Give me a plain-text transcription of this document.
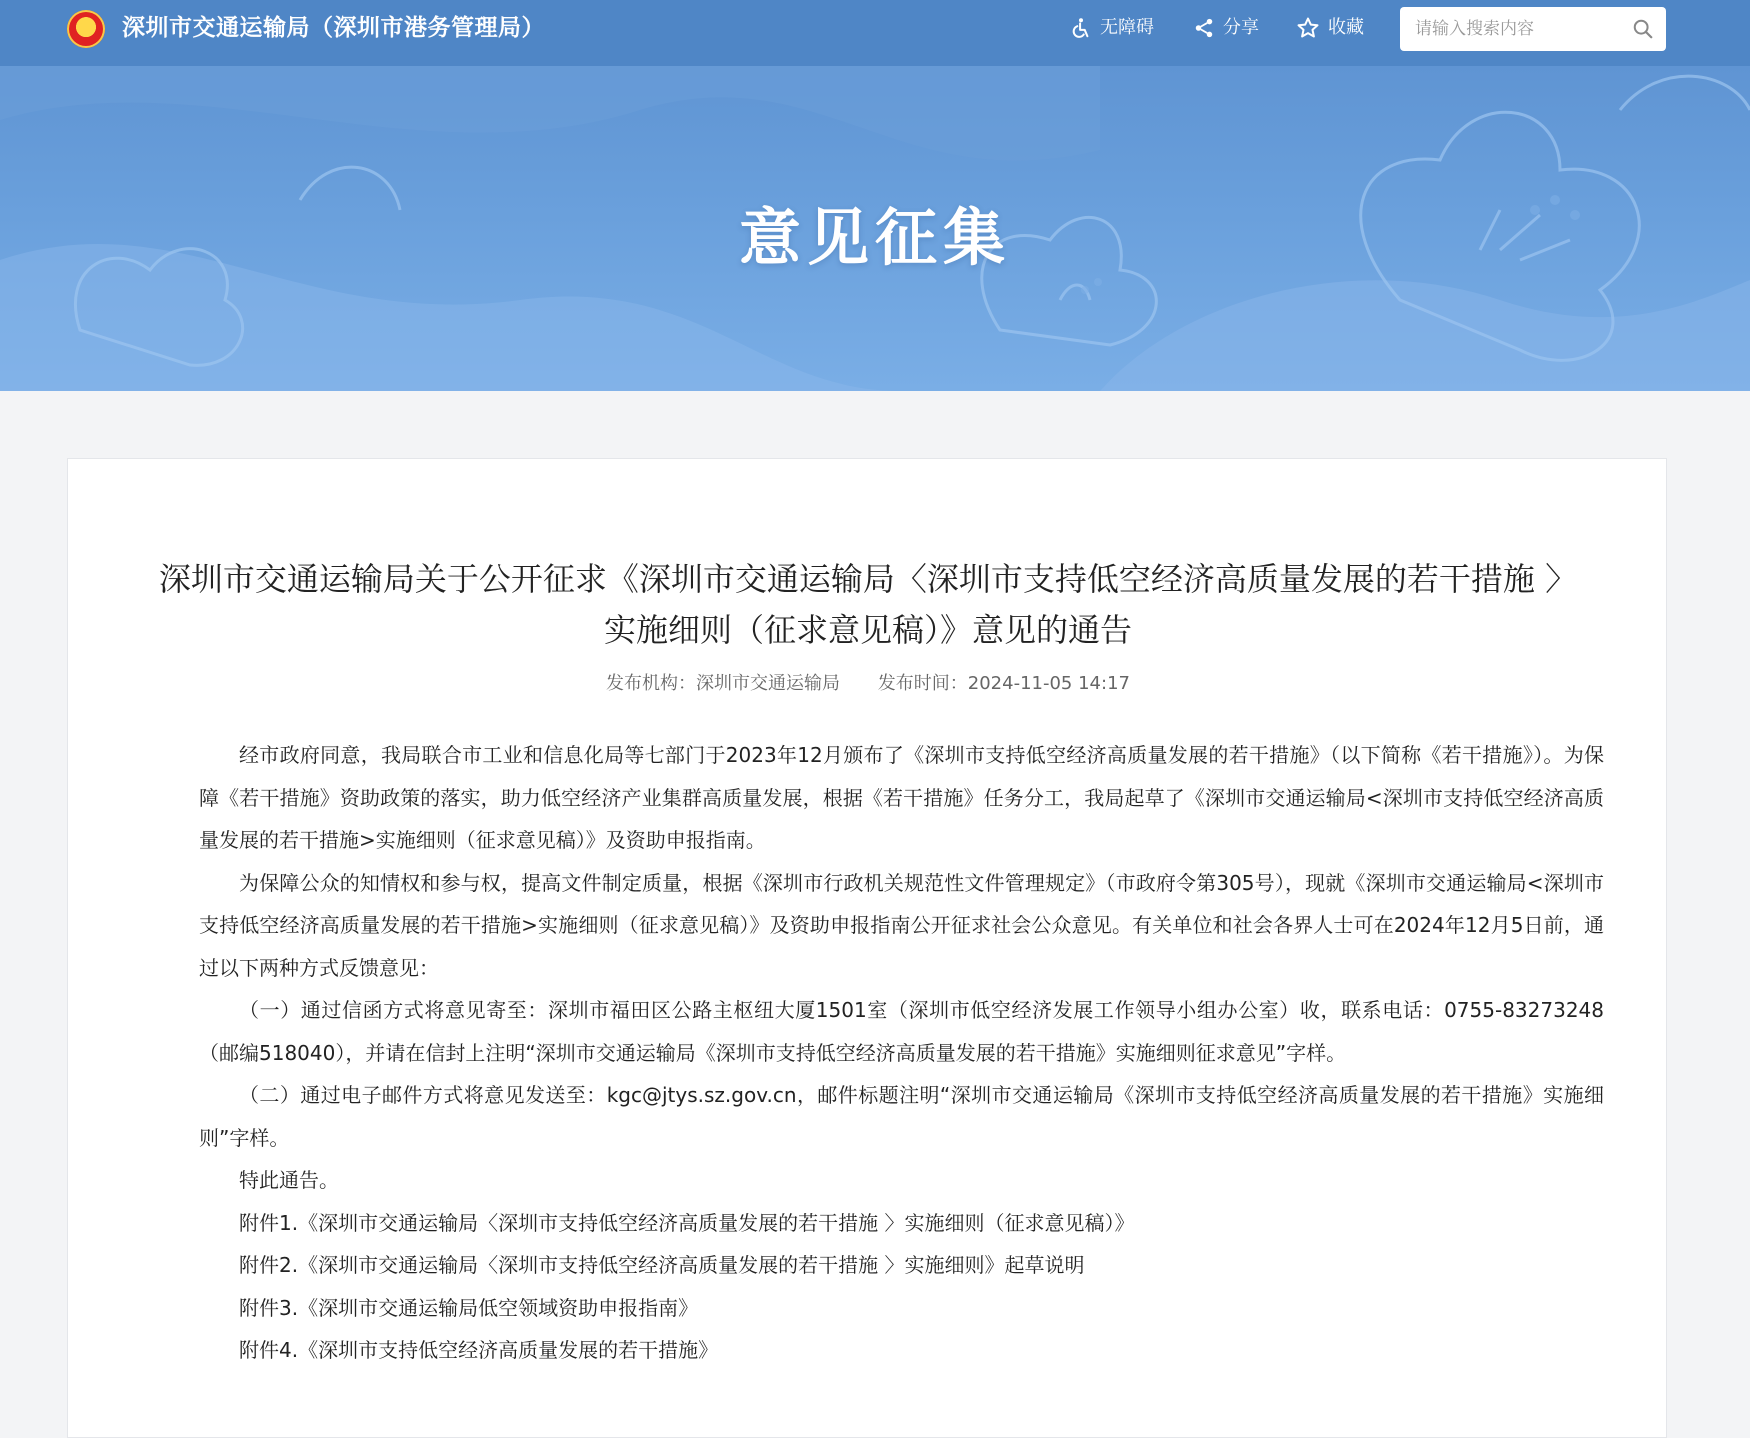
意见征集
深圳市交通运输局（深圳市港务管理局）	无障碍	分享	收藏
请输入搜索内容
深圳市交通运输局关于公开征求《深圳市交通运输局〈深圳市支持低空经济高质量发展的若干措施 〉实施细则（征求意见稿）》意见的通告
发布机构：深圳市交通运输局 发布时间：2024-11-05 14:17

经市政府同意，我局联合市工业和信息化局等七部门于2023年12月颁布了《深圳市支持低空经济高质量发展的若干措施》（以下简称《若干措施》）。为保障《若干措施》资助政策的落实，助力低空经济产业集群高质量发展，根据《若干措施》任务分工，我局起草了《深圳市交通运输局<深圳市支持低空经济高质量发展的若干措施>实施细则（征求意见稿）》及资助申报指南。

为保障公众的知情权和参与权，提高文件制定质量，根据《深圳市行政机关规范性文件管理规定》（市政府令第305号），现就《深圳市交通运输局<深圳市支持低空经济高质量发展的若干措施>实施细则（征求意见稿）》及资助申报指南公开征求社会公众意见。有关单位和社会各界人士可在2024年12月5日前，通过以下两种方式反馈意见：

（一）通过信函方式将意见寄至：深圳市福田区公路主枢纽大厦1501室（深圳市低空经济发展工作领导小组办公室）收，联系电话：0755-83273248（邮编518040），并请在信封上注明“深圳市交通运输局《深圳市支持低空经济高质量发展的若干措施》实施细则征求意见”字样。

（二）通过电子邮件方式将意见发送至：kgc@jtys.sz.gov.cn，邮件标题注明“深圳市交通运输局《深圳市支持低空经济高质量发展的若干措施》实施细则”字样。

特此通告。

附件1.《深圳市交通运输局〈深圳市支持低空经济高质量发展的若干措施 〉实施细则（征求意见稿）》

附件2.《深圳市交通运输局〈深圳市支持低空经济高质量发展的若干措施 〉实施细则》起草说明

附件3.《深圳市交通运输局低空领域资助申报指南》

附件4.《深圳市支持低空经济高质量发展的若干措施》
